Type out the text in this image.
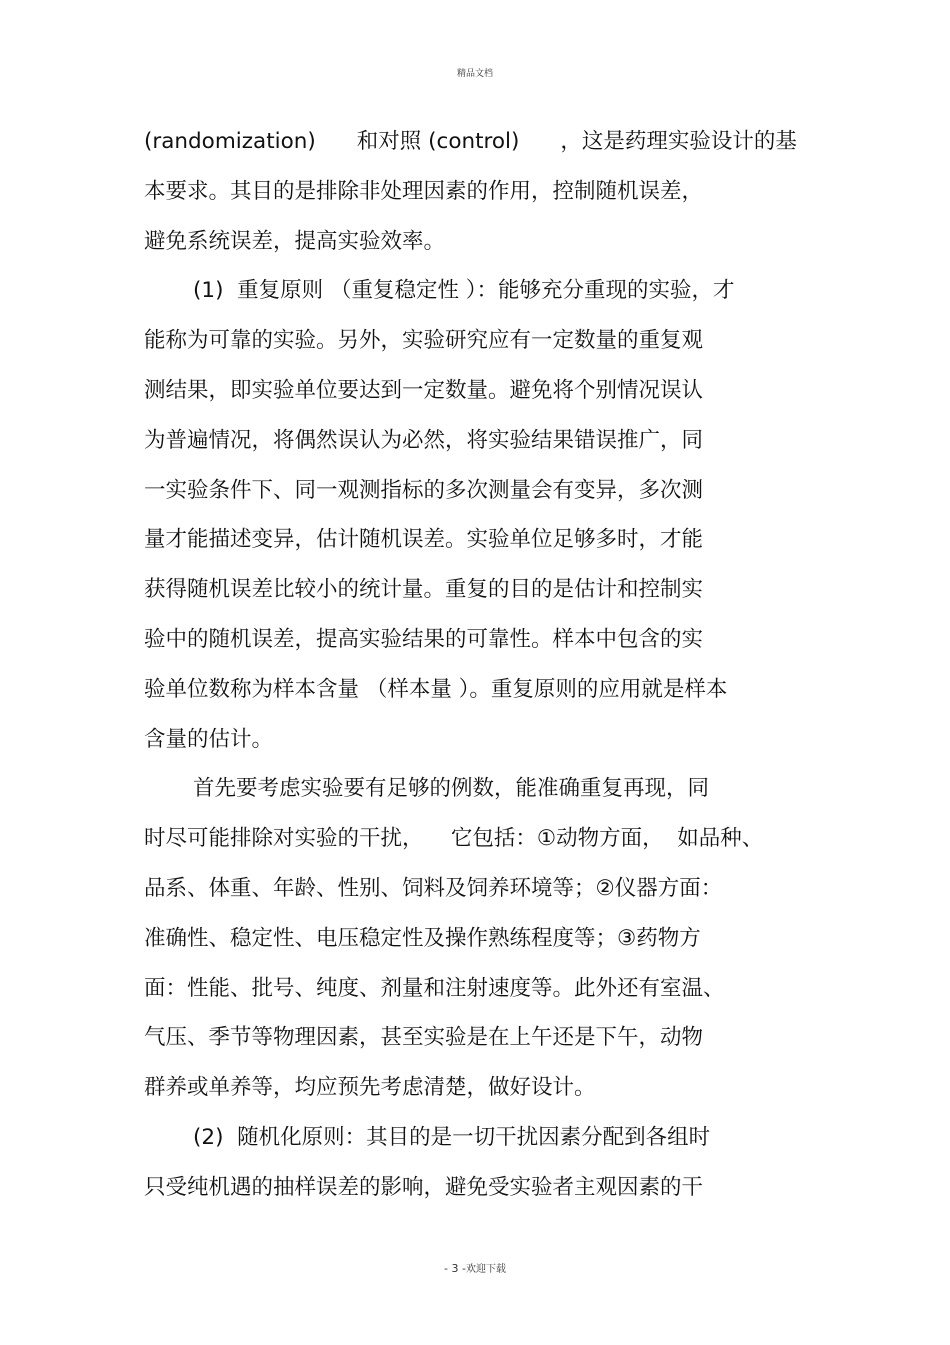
精品文档
(randomization)      和对照 (control)      ，这是药理实验设计的基
本要求。其目的是排除非处理因素的作用，控制随机误差，
避免系统误差，提高实验效率。
(1)  重复原则 （重复稳定性 ）：能够充分重现的实验，才
能称为可靠的实验。另外，实验研究应有一定数量的重复观
测结果，即实验单位要达到一定数量。避免将个别情况误认
为普遍情况，将偶然误认为必然，将实验结果错误推广，同
一实验条件下、同一观测指标的多次测量会有变异，多次测
量才能描述变异，估计随机误差。实验单位足够多时，才能
获得随机误差比较小的统计量。重复的目的是估计和控制实
验中的随机误差，提高实验结果的可靠性。样本中包含的实
验单位数称为样本含量 （样本量 ）。重复原则的应用就是样本
含量的估计。
首先要考虑实验要有足够的例数，能准确重复再现，同
时尽可能排除对实验的干扰，    它包括：①动物方面，  如品种、
品系、体重、年龄、性别、饲料及饲养环境等；②仪器方面：
准确性、稳定性、电压稳定性及操作熟练程度等；③药物方
面：性能、批号、纯度、剂量和注射速度等。此外还有室温、
气压、季节等物理因素，甚至实验是在上午还是下午，动物
群养或单养等，均应预先考虑清楚，做好设计。
(2)  随机化原则：其目的是一切干扰因素分配到各组时
只受纯机遇的抽样误差的影响，避免受实验者主观因素的干
- 3 -欢迎下载
